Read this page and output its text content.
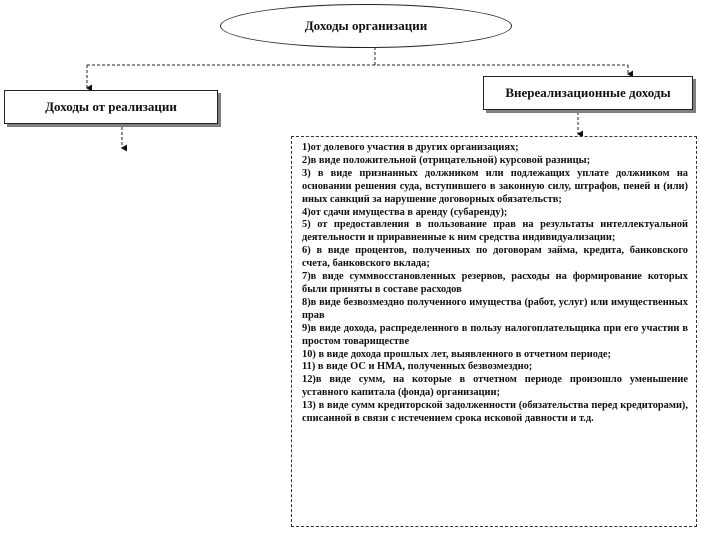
Доходы организации
Доходы от реализации
Внереализационные доходы

1)от долевого участия в других организациях;

2)в виде положительной (отрицательной) курсовой разницы;

3) в виде признанных должником или подлежащих уплате должником на основании решения суда, вступившего в законную силу, штрафов, пеней и (или) иных санкций за нарушение договорных обязательств;

4)от сдачи имущества в аренду (субаренду);

5) от предоставления в пользование прав на результаты интеллектуальной деятельности и приравненные к ним средства индивидуализации;

6) в виде процентов, полученных по договорам займа, кредита, банковского счета, банковского вклада;

7)в виде суммвосстановленных резервов, расходы на формирование которых были приняты в составе расходов

8)в виде безвозмездно полученного имущества (работ, услуг) или имущественных прав

9)в виде дохода, распределенного в пользу налогоплательщика при его участии в простом товариществе

10) в виде дохода прошлых лет, выявленного в отчетном периоде;

11) в виде ОС и НМА, полученных безвозмездно;

12)в виде сумм, на которые в отчетном периоде произошло уменьшение уставного капитала (фонда) организации;

13) в виде сумм кредиторской задолженности (обязательства перед кредиторами), списанной в связи с истечением срока исковой давности и т.д.
